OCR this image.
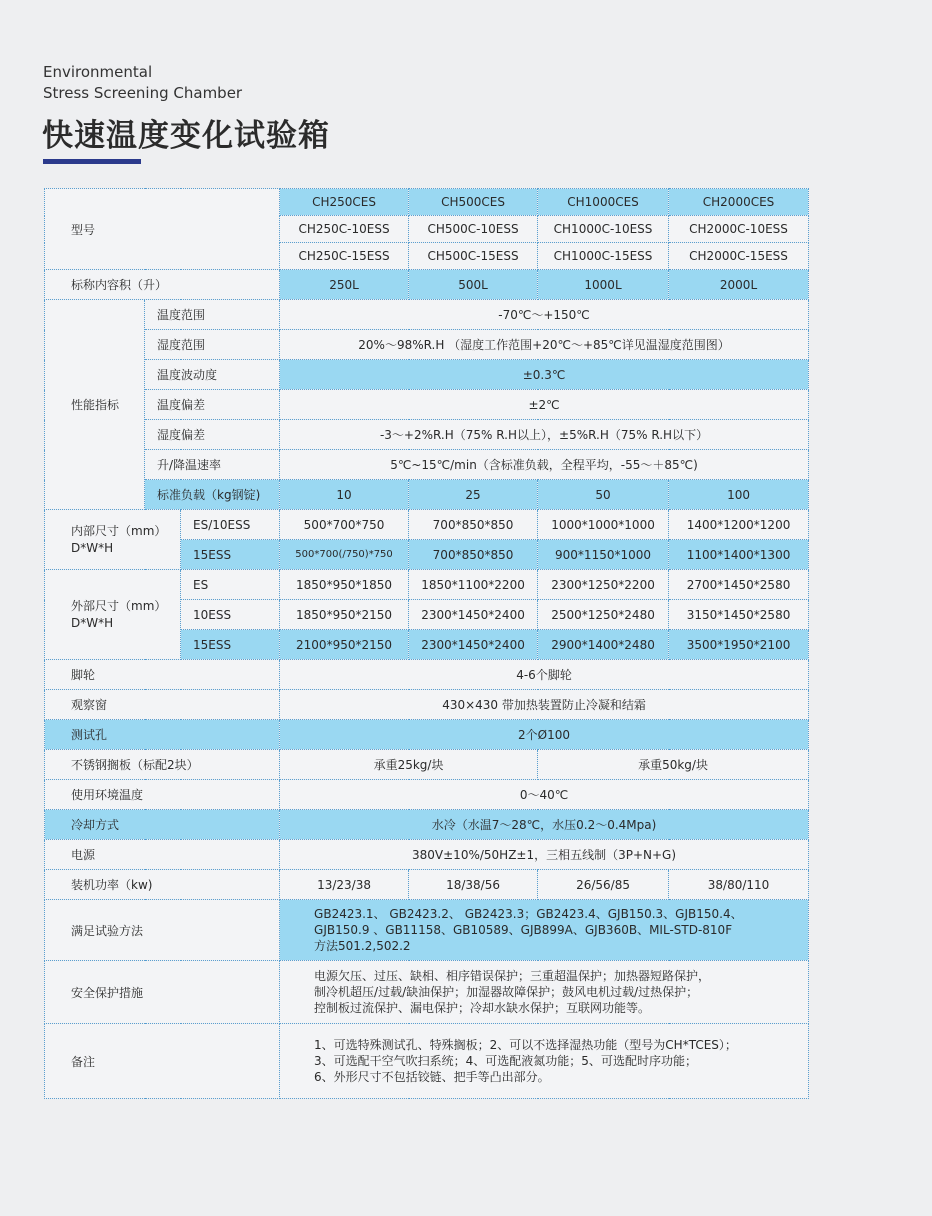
Environmental
Stress Screening Chamber
快速温度变化试验箱
型号			CH250CES	CH500CES	CH1000CES	CH2000CES
			CH250C-10ESS	CH500C-10ESS	CH1000C-10ESS	CH2000C-10ESS
			CH250C-15ESS	CH500C-15ESS	CH1000C-15ESS	CH2000C-15ESS
标称内容积（升）			250L	500L	1000L	2000L
性能指标	温度范围		-70℃～+150℃			
	湿度范围		20%～98%R.H （湿度工作范围+20℃～+85℃详见温湿度范围图）			
	温度波动度		±0.3℃			
	温度偏差		±2℃			
	湿度偏差		-3～+2%R.H（75% R.H以上），±5%R.H（75% R.H以下）			
	升/降温速率		5℃~15℃/min（含标准负载，全程平均，-55～＋85℃)			
	标准负载（kg钢锭)		10	25	50	100
内部尺寸（mm）D*W*H		ES/10ESS	500*700*750	700*850*850	1000*1000*1000	1400*1200*1200
		15ESS	500*700(/750)*750	700*850*850	900*1150*1000	1100*1400*1300
外部尺寸（mm）D*W*H		ES	1850*950*1850	1850*1100*2200	2300*1250*2200	2700*1450*2580
		10ESS	1850*950*2150	2300*1450*2400	2500*1250*2480	3150*1450*2580
		15ESS	2100*950*2150	2300*1450*2400	2900*1400*2480	3500*1950*2100
脚轮			4-6个脚轮			
观察窗			430×430 带加热装置防止冷凝和结霜			
测试孔			2个Ø100			
不锈钢搁板（标配2块）			承重25kg/块		承重50kg/块	
使用环境温度			0～40℃			
冷却方式			水冷（水温7～28℃，水压0.2～0.4Mpa)			
电源			380V±10%/50HZ±1，三相五线制（3P+N+G)			
装机功率（kw)			13/23/38	18/38/56	26/56/85	38/80/110
满足试验方法			GB2423.1、 GB2423.2、 GB2423.3；GB2423.4、GJB150.3、GJB150.4、
GJB150.9 、GB11158、GB10589、GJB899A、GJB360B、MIL-STD-810F
方法501.2,502.2			

安全保护措施			电源欠压、过压、缺相、相序错误保护；三重超温保护；加热器短路保护，
制冷机超压/过载/缺油保护；加湿器故障保护；鼓风电机过载/过热保护；
控制板过流保护、漏电保护；冷却水缺水保护；互联网功能等。			

备注			1、可选特殊测试孔、特殊搁板；2、可以不选择湿热功能（型号为CH*TCES）；
3、可选配干空气吹扫系统；4、可选配液氮功能；5、可选配时序功能；
6、外形尺寸不包括铰链、把手等凸出部分。			
